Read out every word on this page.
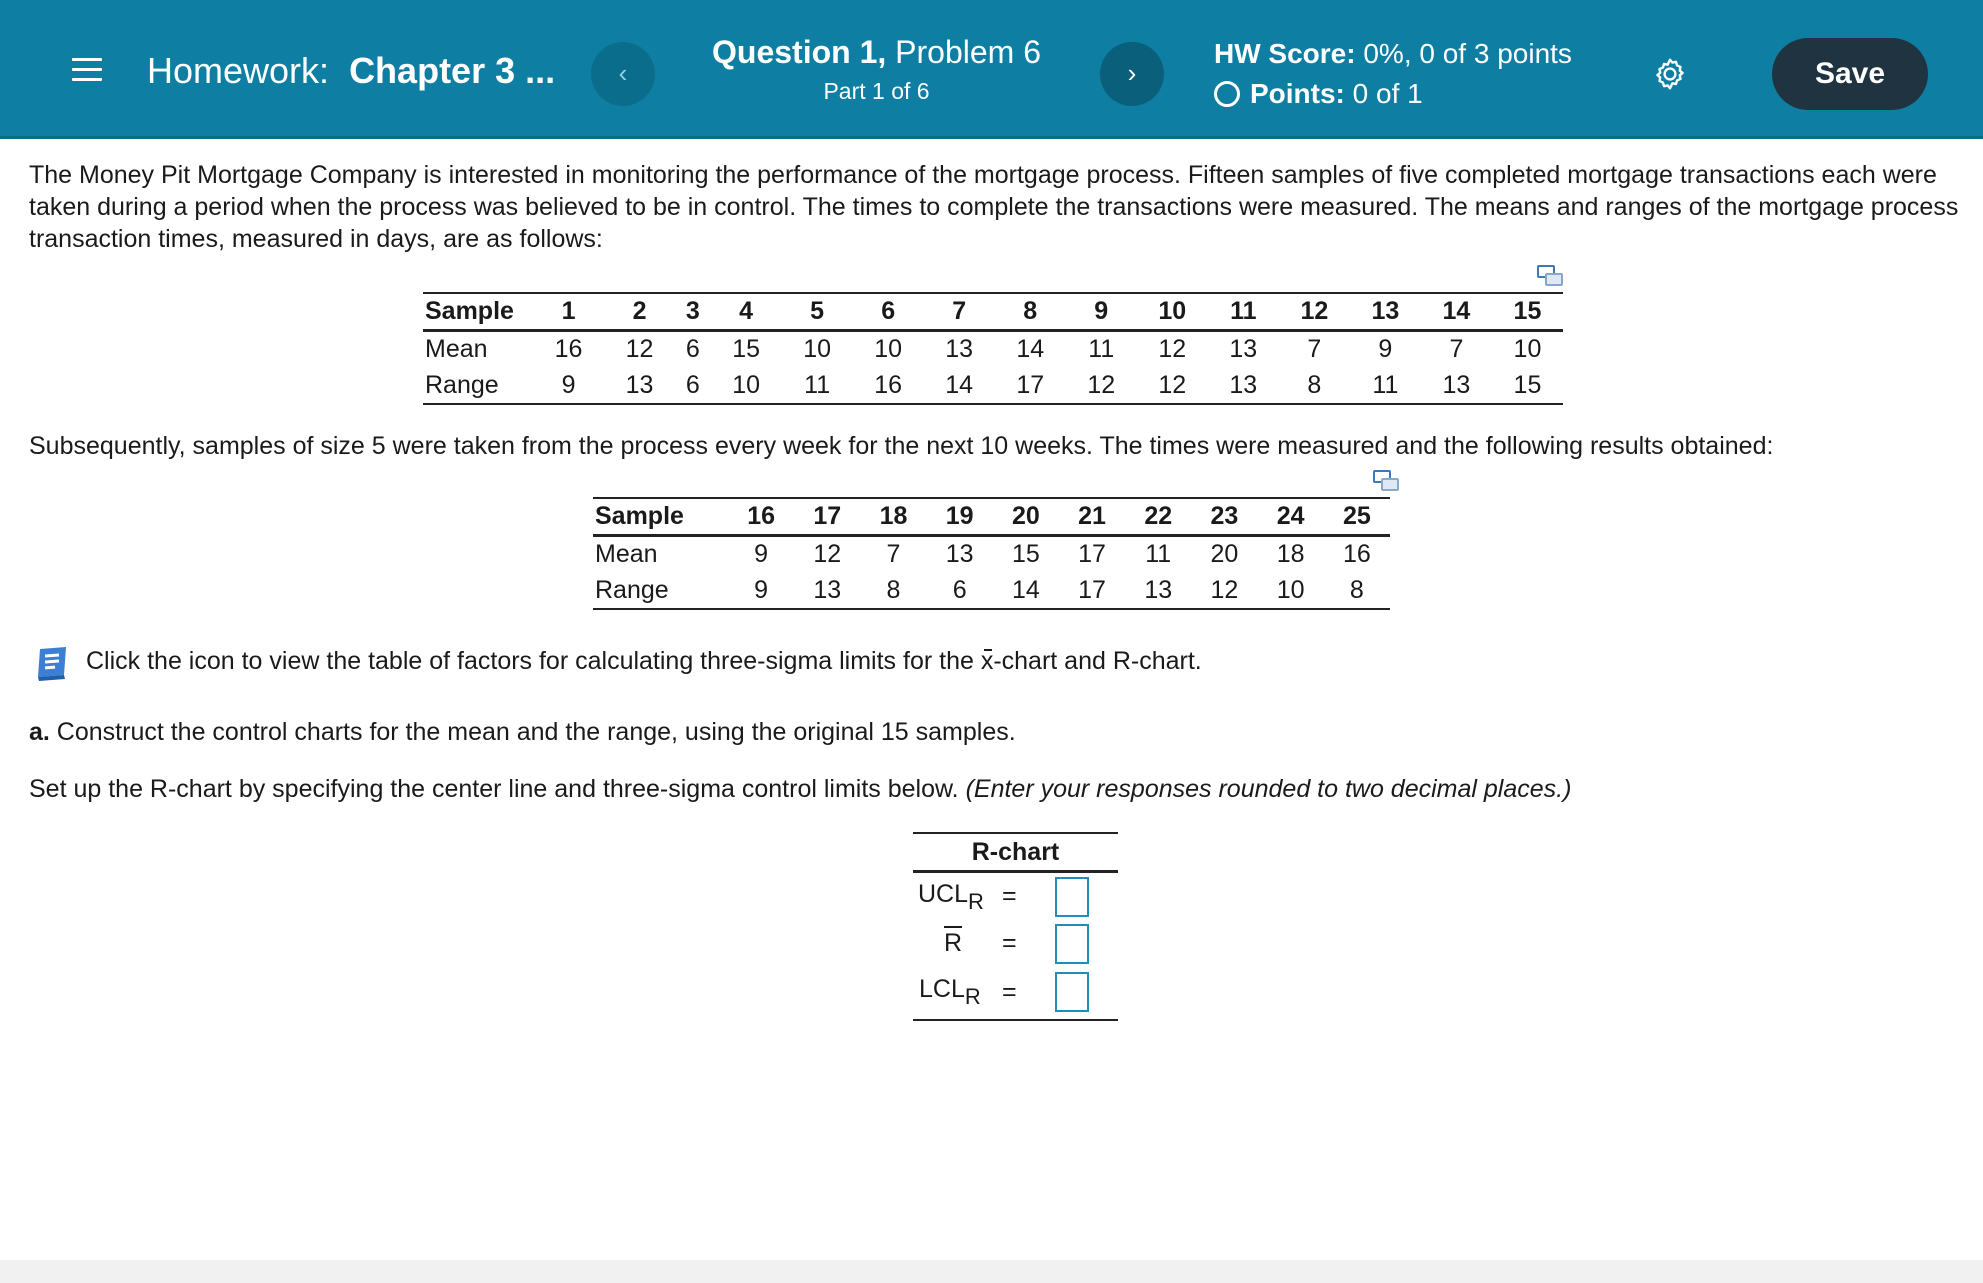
Homework: Chapter 3 ...	‹
Question 1, Problem 6
Part 1 of 6
›
HW Score: 0%, 0 of 3 points
Points: 0 of 1
Save
The Money Pit Mortgage Company is interested in monitoring the performance of the mortgage process. Fifteen samples of five completed mortgage transactions each were taken during a period when the process was believed to be in control. The times to complete the transactions were measured. The means and ranges of the mortgage process transaction times, measured in days, are as follows:
Sample	1	2	3	4	5	6	7	8	9	10	11	12	13	14	15
Mean	16	12	6	15	10	10	13	14	11	12	13	7	9	7	10
Range	9	13	6	10	11	16	14	17	12	12	13	8	11	13	15
Subsequently, samples of size 5 were taken from the process every week for the next 10 weeks. The times were measured and the following results obtained:
Sample	16	17	18	19	20	21	22	23	24	25
Mean	9	12	7	13	15	17	11	20	18	16
Range	9	13	8	6	14	17	13	12	10	8
Click the icon to view the table of factors for calculating three-sigma limits for the x-chart and R-chart.
a. Construct the control charts for the mean and the range, using the original 15 samples.
Set up the R-chart by specifying the center line and three-sigma control limits below. (Enter your responses rounded to two decimal places.)
R-chart
$UCL_R$ =
R =
$LCL_R$ =
